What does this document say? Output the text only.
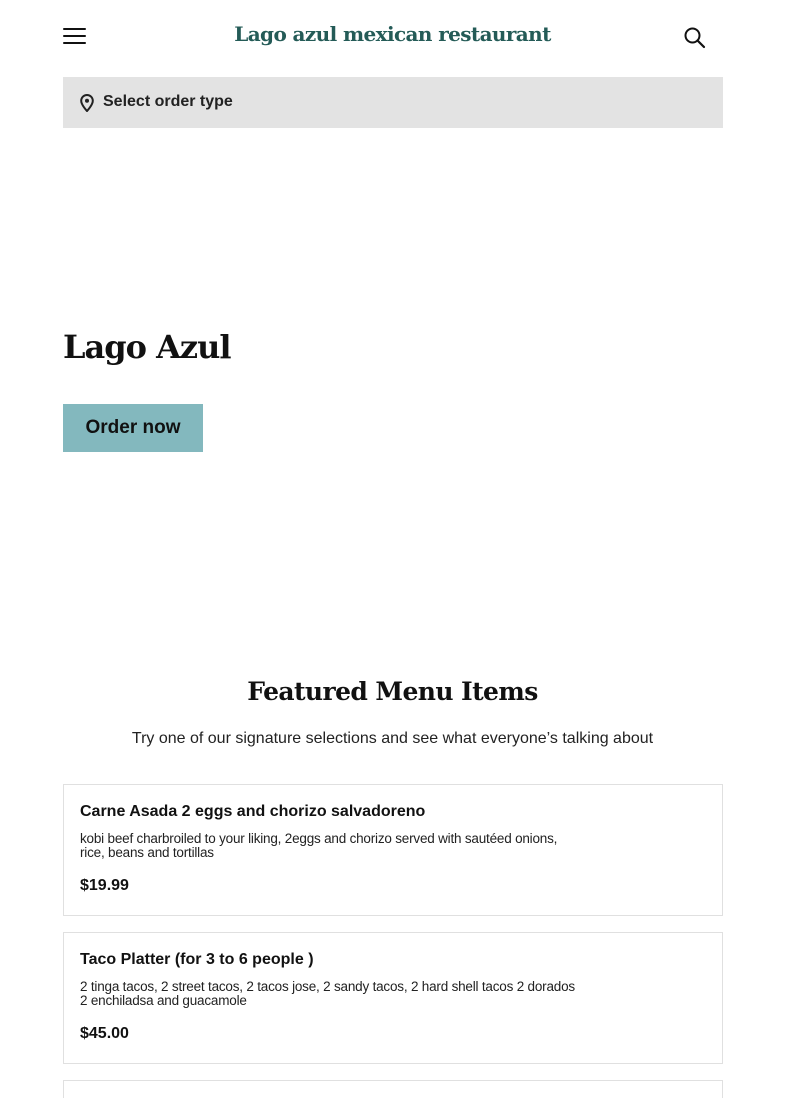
Lago azul mexican restaurant
Select order type
Lago Azul
Order now
Featured Menu Items

Try one of our signature selections and see what everyone’s talking about

Carne Asada 2 eggs and chorizo salvadoreno
kobi beef charbroiled to your liking, 2eggs and chorizo served with sautéed onions, rice, beans and tortillas
$19.99
Taco Platter (for 3 to 6 people )
2 tinga tacos, 2 street tacos, 2 tacos jose, 2 sandy tacos, 2 hard shell tacos 2 dorados 2 enchiladsa and guacamole
$45.00
